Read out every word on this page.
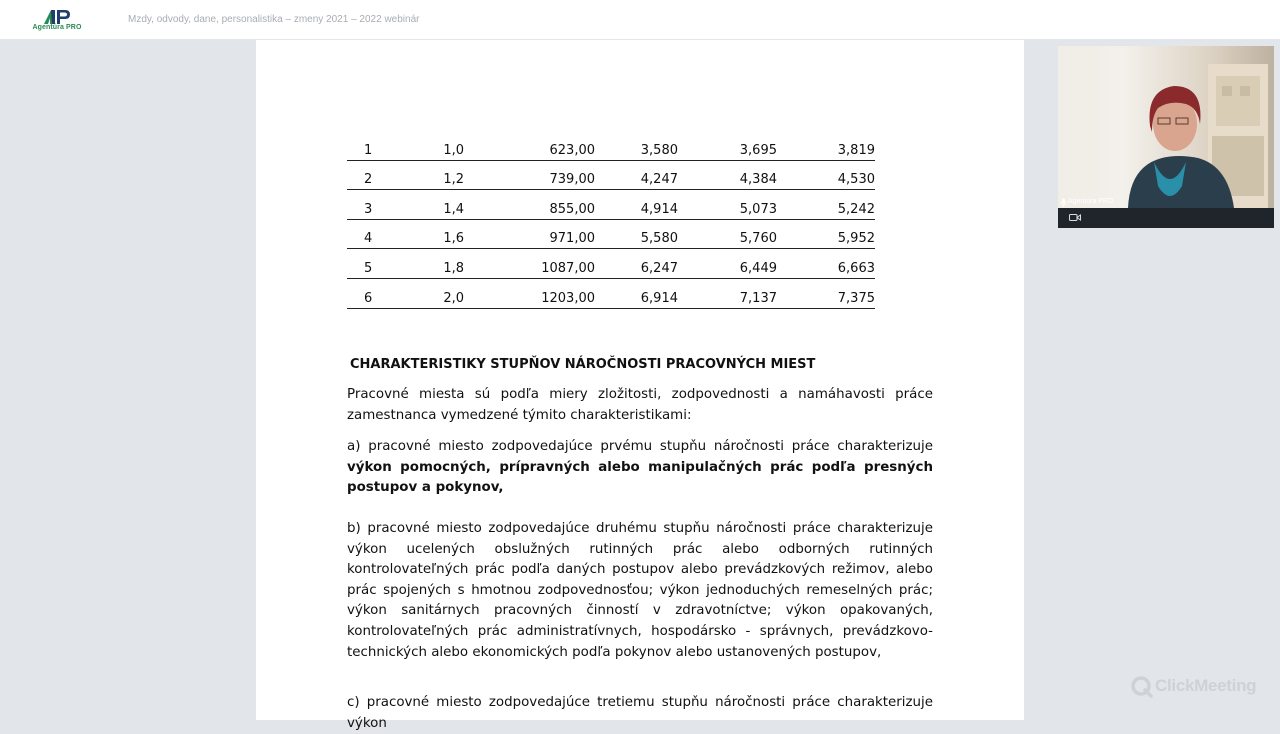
Agentúra PRO
Mzdy, odvody, dane, personalistika – zmeny 2021 – 2022 webinár
1	1,0	623,00	3,580	3,695	3,819
2	1,2	739,00	4,247	4,384	4,530
3	1,4	855,00	4,914	5,073	5,242
4	1,6	971,00	5,580	5,760	5,952
5	1,8	1087,00	6,247	6,449	6,663
6	2,0	1203,00	6,914	7,137	7,375
CHARAKTERISTIKY STUPŇOV NÁROČNOSTI PRACOVNÝCH MIEST
Pracovné miesta sú podľa miery zložitosti, zodpovednosti a namáhavosti práce zamestnanca vymedzené týmito charakteristikami:
a) pracovné miesto zodpovedajúce prvému stupňu náročnosti práce charakterizuje výkon pomocných, prípravných alebo manipulačných prác podľa presných postupov a pokynov,
b) pracovné miesto zodpovedajúce druhému stupňu náročnosti práce charakterizuje výkon ucelených obslužných rutinných prác alebo odborných rutinných kontrolovateľných prác podľa daných postupov alebo prevádzkových režimov, alebo prác spojených s hmotnou zodpovednosťou; výkon jednoduchých remeselných prác; výkon sanitárnych pracovných činností v zdravotníctve; výkon opakovaných, kontrolovateľných prác administratívnych, hospodársko - správnych, prevádzkovo-technických alebo ekonomických podľa pokynov alebo ustanovených postupov,
c) pracovné miesto zodpovedajúce tretiemu stupňu náročnosti práce charakterizuje výkon
Agentúra PRO
ClickMeeting
